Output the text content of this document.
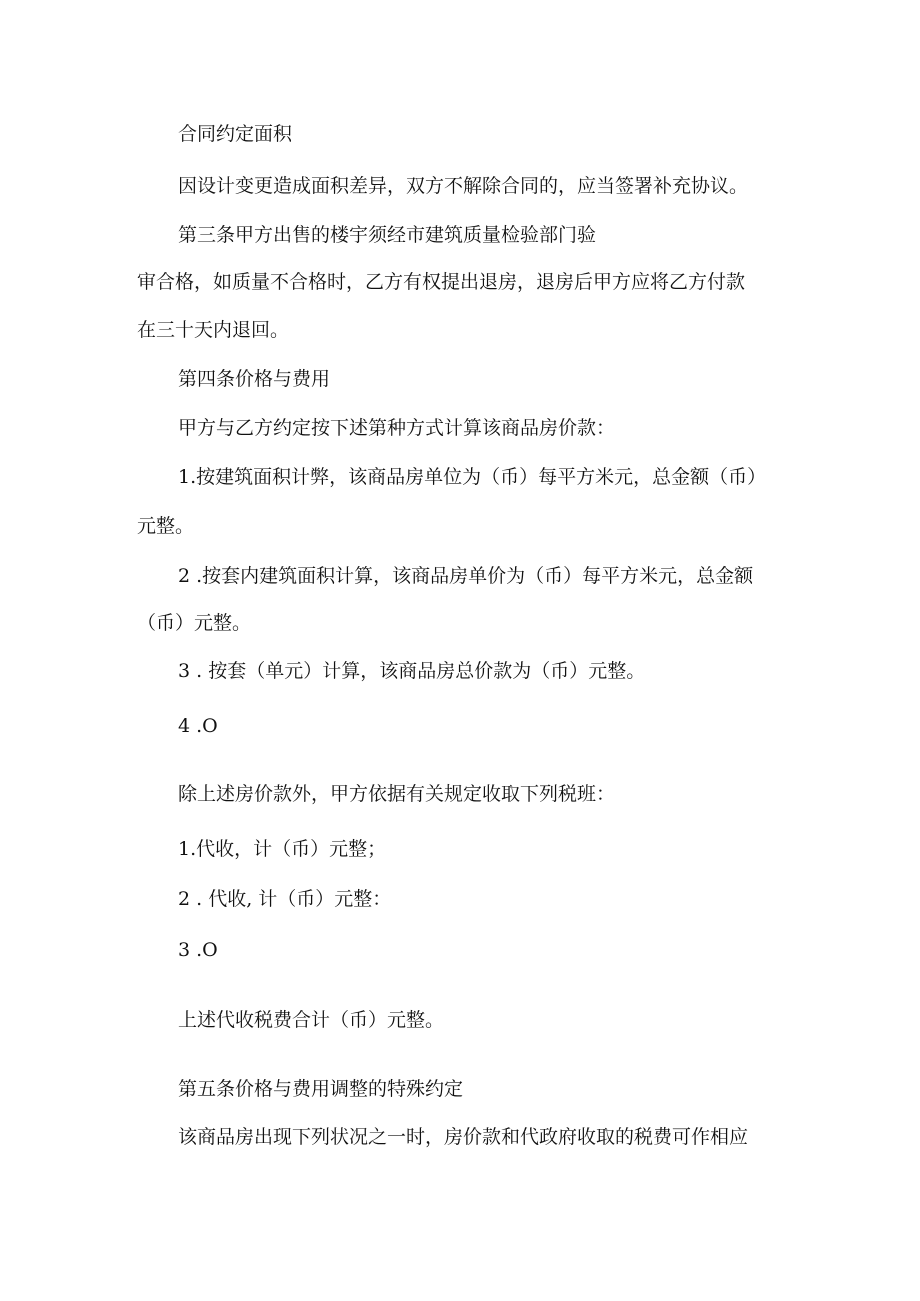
合同约定面积

因设计变更造成面积差异，双方不解除合同的，应当签署补充协议。

第三条甲方出售的楼宇须经市建筑质量检验部门验

审合格，如质量不合格时，乙方有权提出退房，退房后甲方应将乙方付款

在三十天内退回。

第四条价格与费用

甲方与乙方约定按下述第种方式计算该商品房价款：

1.按建筑面积计弊，该商品房单位为（币）每平方米元，总金额（币）

元整。

2 .按套内建筑面积计算，该商品房单价为（币）每平方米元，总金额

（币）元整。

3 . 按套（单元）计算，该商品房总价款为（币）元整。

4 .O

除上述房价款外，甲方依据有关规定收取下列税班：

1.代收，计（币）元整；

2 . 代收, 计（币）元整：

3 .O

上述代收税费合计（币）元整。

第五条价格与费用调整的特殊约定

该商品房出现下列状况之一时，房价款和代政府收取的税费可作相应
